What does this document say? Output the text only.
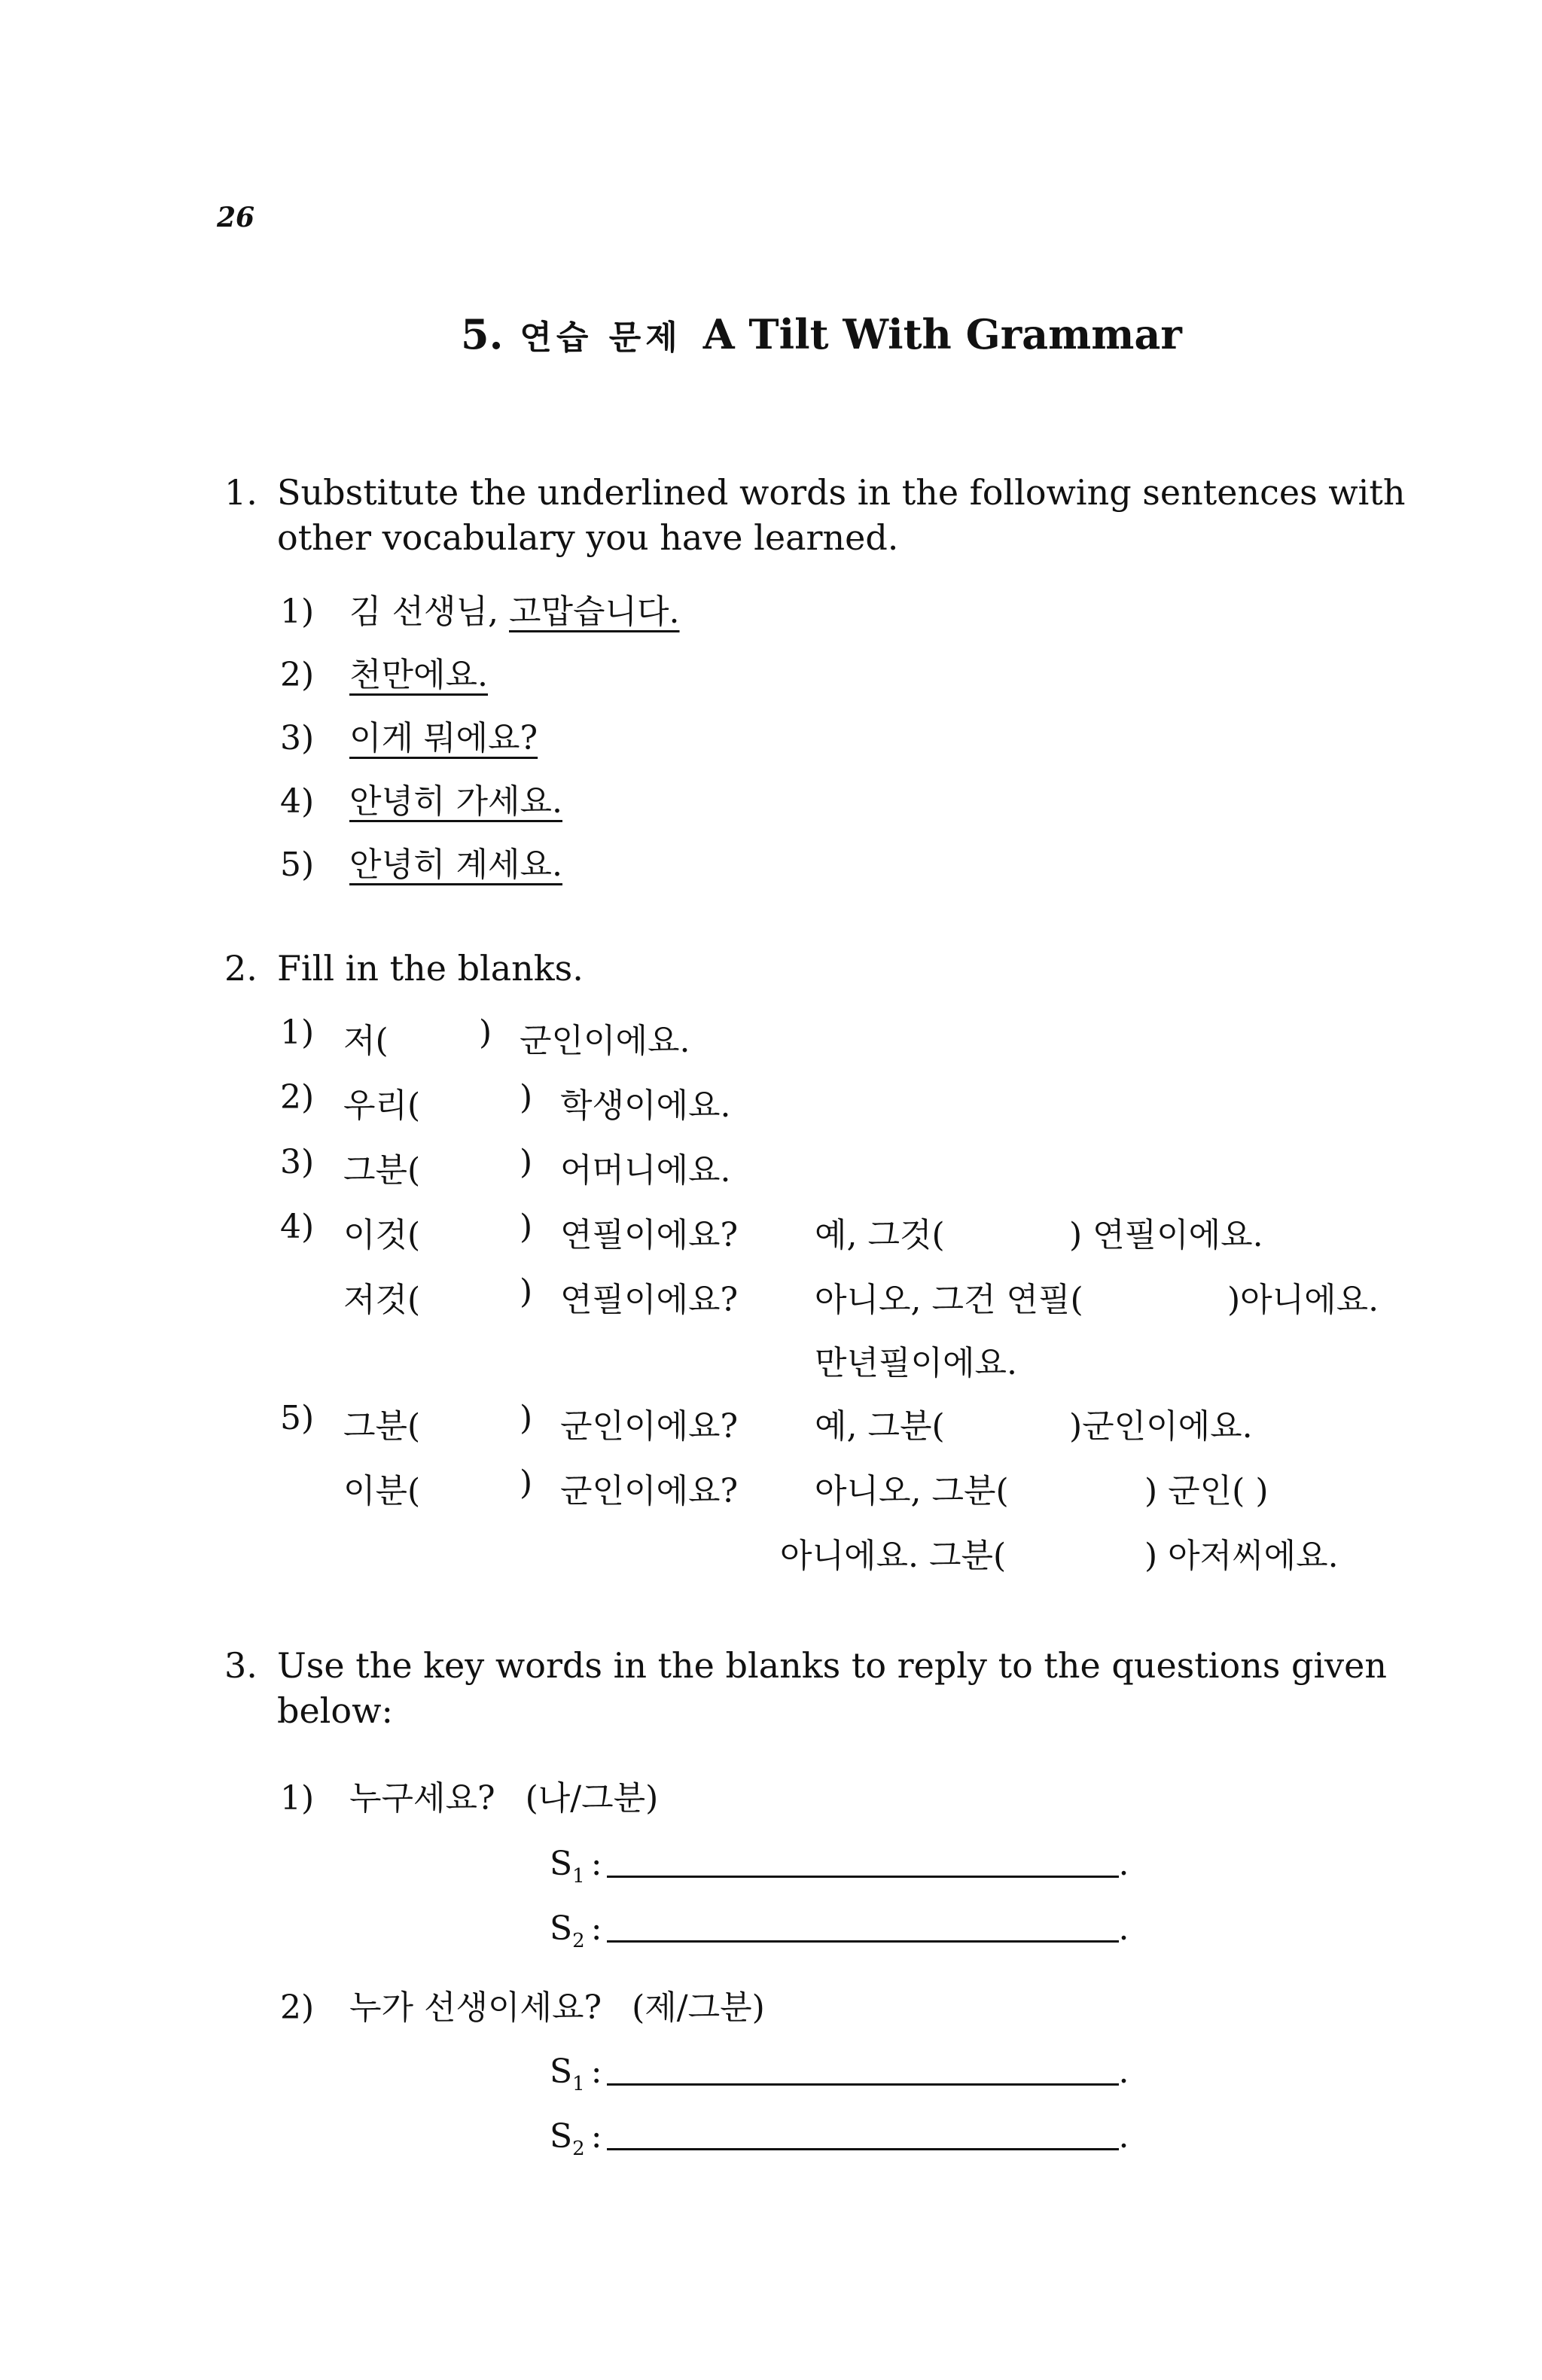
26
5. 연습 문제 A Tilt With Grammar
1. Substitute the underlined words in the following sentences with
other vocabulary you have learned.
1) 김 선생님, 고맙습니다.
2) 천만에요.
3) 이게 뭐에요?
4) 안녕히 가세요.
5) 안녕히 계세요.
2. Fill in the blanks.
1) 저(	) 군인이에요.
2) 우리(	) 학생이에요.
3) 그분(	) 어머니에요.
4) 이것(	) 연필이에요? 예, 그것(	) 연필이에요.
저것(	) 연필이에요? 아니오, 그건 연필(	)아니에요.
만년필이에요.
5) 그분(	) 군인이에요? 예, 그분(	)군인이에요.
이분(	) 군인이에요? 아니오, 그분(	) 군인( )
아니에요. 그분(	) 아저씨에요.
3. Use the key words in the blanks to reply to the questions given
below:
1) 누구세요? (나/그분)
$S_1$ :	.
$S_2$ :	.
2) 누가 선생이세요? (제/그분)
$S_1$ :	.
$S_2$ :	.
